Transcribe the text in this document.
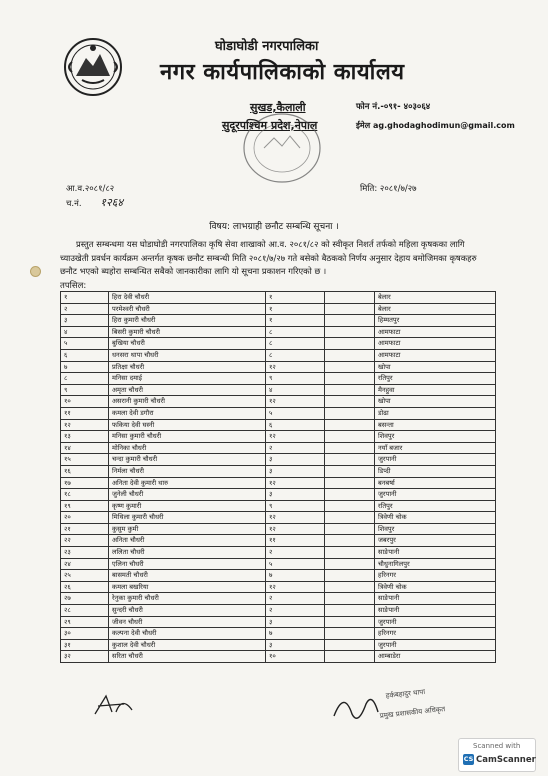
घोडाघोडी नगरपालिका
नगर कार्यपालिकाको कार्यालय
सुखड,कैलाली
सुदूरपश्चिम प्रदेश,नेपाल
फोन नं.-०९१- ४०३०६४
ईमेल ag.ghodaghodimun@gmail.com
आ.व.२०८१/८२
च.नं. १२६४
मिति: २०८१/७/२७
विषय: लाभग्राही छनौट सम्बन्धि सूचना ।
प्रस्तुत सम्बन्धमा यस घोडाघोडी नगरपालिका कृषि सेवा शाखाको आ.व. २०८१/८२ को स्वीकृत निशर्त तर्फको महिला कृषकका लागि च्याउखेती प्रवर्धन कार्यक्रम अन्तर्गत कृषक छनौट सम्बन्धी मिति २०८१/७/२७ गते बसेको बैठकको निर्णय अनुसार देहाय बमोजिमका कृषकहरु छनौट भएको ब्यहोरा सम्बन्धित सबैको जानकारीका लागि यो सूचना प्रकाशन गरिएको छ ।
तपसिल:
१	हिरा देवी चौधरी	१		बेलार
२	परमेश्वरी चौधरी	१		बेलार
३	हिरा कुमारी चौधरी	१		हिम्मतपुर
४	बिसरी कुमारी चौधरी	८		आमफाटा
५	बुखिया चौधरी	८		आमफाटा
६	धनसरा थापा चौधरी	८		आमफाटा
७	प्रतिक्षा चौधरी	१२		खोपा
८	मनिसा दमाई	९		रतिपुर
९	अमृता चौधरी	४		मैनहुवा
१०	असरानी कुमारी चौधरी	१२		खोपा
११	कमला देवी डगौरा	५		डोढा
१२	फकिया देवी घस्नी	६		बसन्ता
१३	मनिसा कुमारी चौधरी	१२		शिवपुर
१४	मोनिका चौधरी	२		नयाँ बजार
१५	चन्दा कुमारी चौधरी	३		जुरपानी
१६	निर्मला चौधरी	३		डिप्दी
१७	अनिता देवी कुमारी थारु	१२		बनबर्षा
१८	जुनेली चौधरी	३		जुरपानी
१९	कृष्ण कुमारी	९		रतिपुर
२०	मिथिला कुमारी चौधरी	१२		त्रिवेणी चोक
२१	कुसुम कुमी	१२		शिवपुर
२२	अनिता चौधरी	११		जबरपुर
२३	ललिता चौधरी	२		साङेपानी
२४	एलिना चौधरी	५		चौधुनागिलपुर
२५	बासमती चौधरी	७		हरिनगर
२६	कमला बखरिया	१२		त्रिवेणी चोक
२७	रेनुका कुमारी चौधरी	२		साङेपानी
२८	सुन्दरी चौधरी	२		साङेपानी
२९	जीवन चौधरी	३		जुरपानी
३०	कल्पना देवी चौधरी	७		हरिनगर
३१	कुशाल देवी चौधरी	३		जुरपानी
३२	सरिता चौधरी	१०		आम्बाडेरा
हर्कबहादुर थापा
प्रमुख प्रशासकीय अधिकृत
Scanned with
CS CamScanner
